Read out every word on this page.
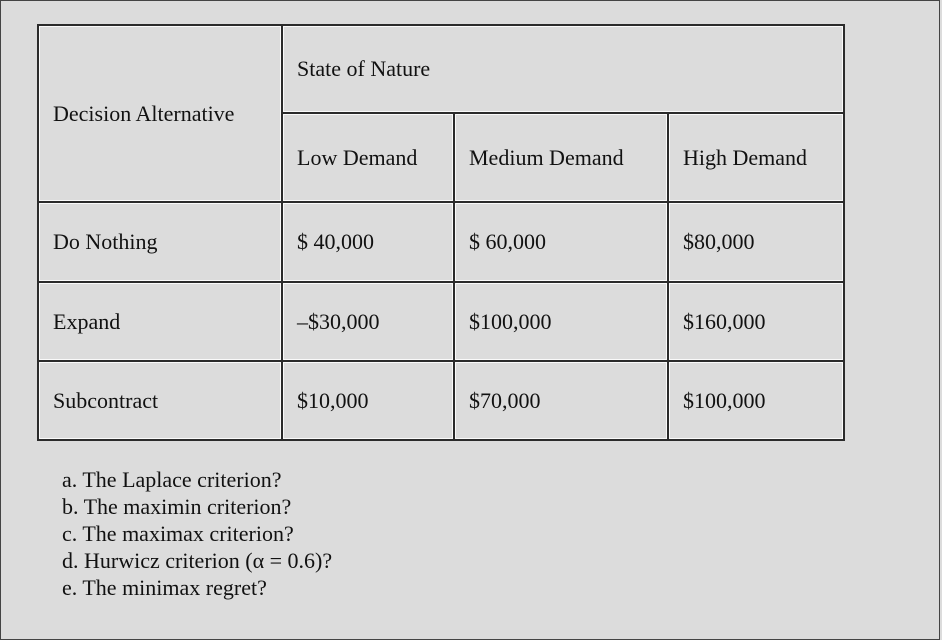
Decision Alternative	State of Nature		
	Low Demand	Medium Demand	High Demand
Do Nothing	$ 40,000	$ 60,000	$80,000
Expand	–$30,000	$100,000	$160,000
Subcontract	$10,000	$70,000	$100,000
a. The Laplace criterion?
b. The maximin criterion?
c. The maximax criterion?
d. Hurwicz criterion (α = 0.6)?
e. The minimax regret?
